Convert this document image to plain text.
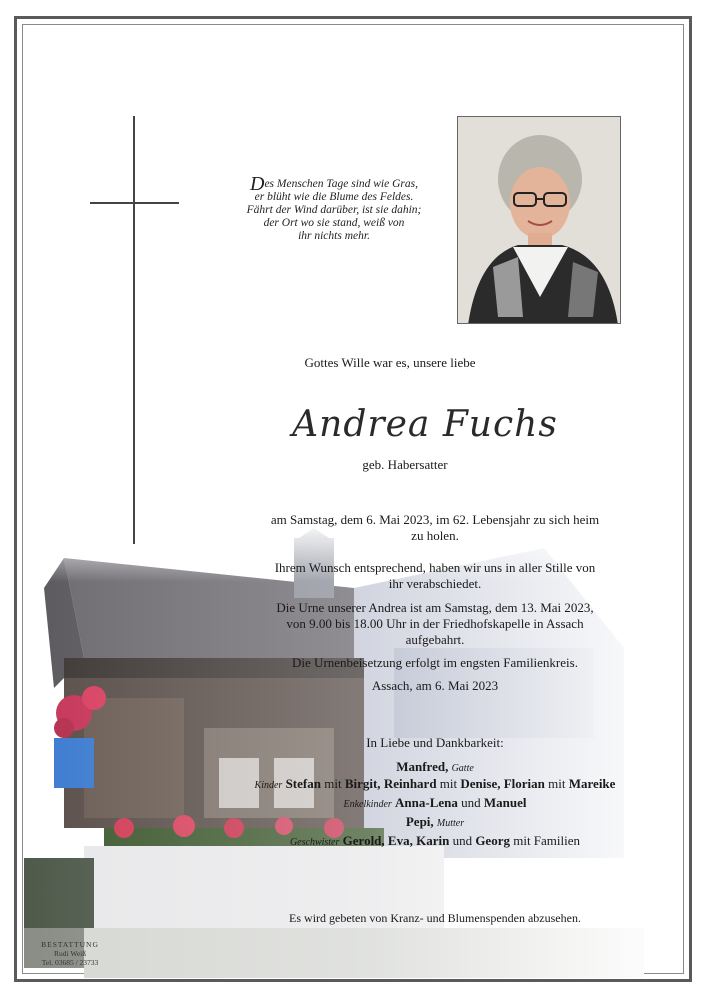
Des Menschen Tage sind wie Gras,
er blüht wie die Blume des Feldes.
Fährt der Wind darüber, ist sie dahin;
der Ort wo sie stand, weiß von
ihr nichts mehr.
Gottes Wille war es, unsere liebe
Andrea Fuchs
geb. Habersatter
am Samstag, dem 6. Mai 2023, im 62. Lebensjahr zu sich heim
zu holen.
Ihrem Wunsch entsprechend, haben wir uns in aller Stille von
ihr verabschiedet.
Die Urne unserer Andrea ist am Samstag, dem 13. Mai 2023,
von 9.00 bis 18.00 Uhr in der Friedhofskapelle in Assach
aufgebahrt.
Die Urnenbeisetzung erfolgt im engsten Familienkreis.
Assach, am 6. Mai 2023
In Liebe und Dankbarkeit:
Manfred, Gatte
Kinder Stefan mit Birgit, Reinhard mit Denise, Florian mit Mareike
Enkelkinder Anna-Lena und Manuel
Pepi, Mutter
Geschwister Gerold, Eva, Karin und Georg mit Familien
Es wird gebeten von Kranz- und Blumenspenden abzusehen.
BESTATTUNG
Rudi Weiß
Tel. 03685 / 23733
